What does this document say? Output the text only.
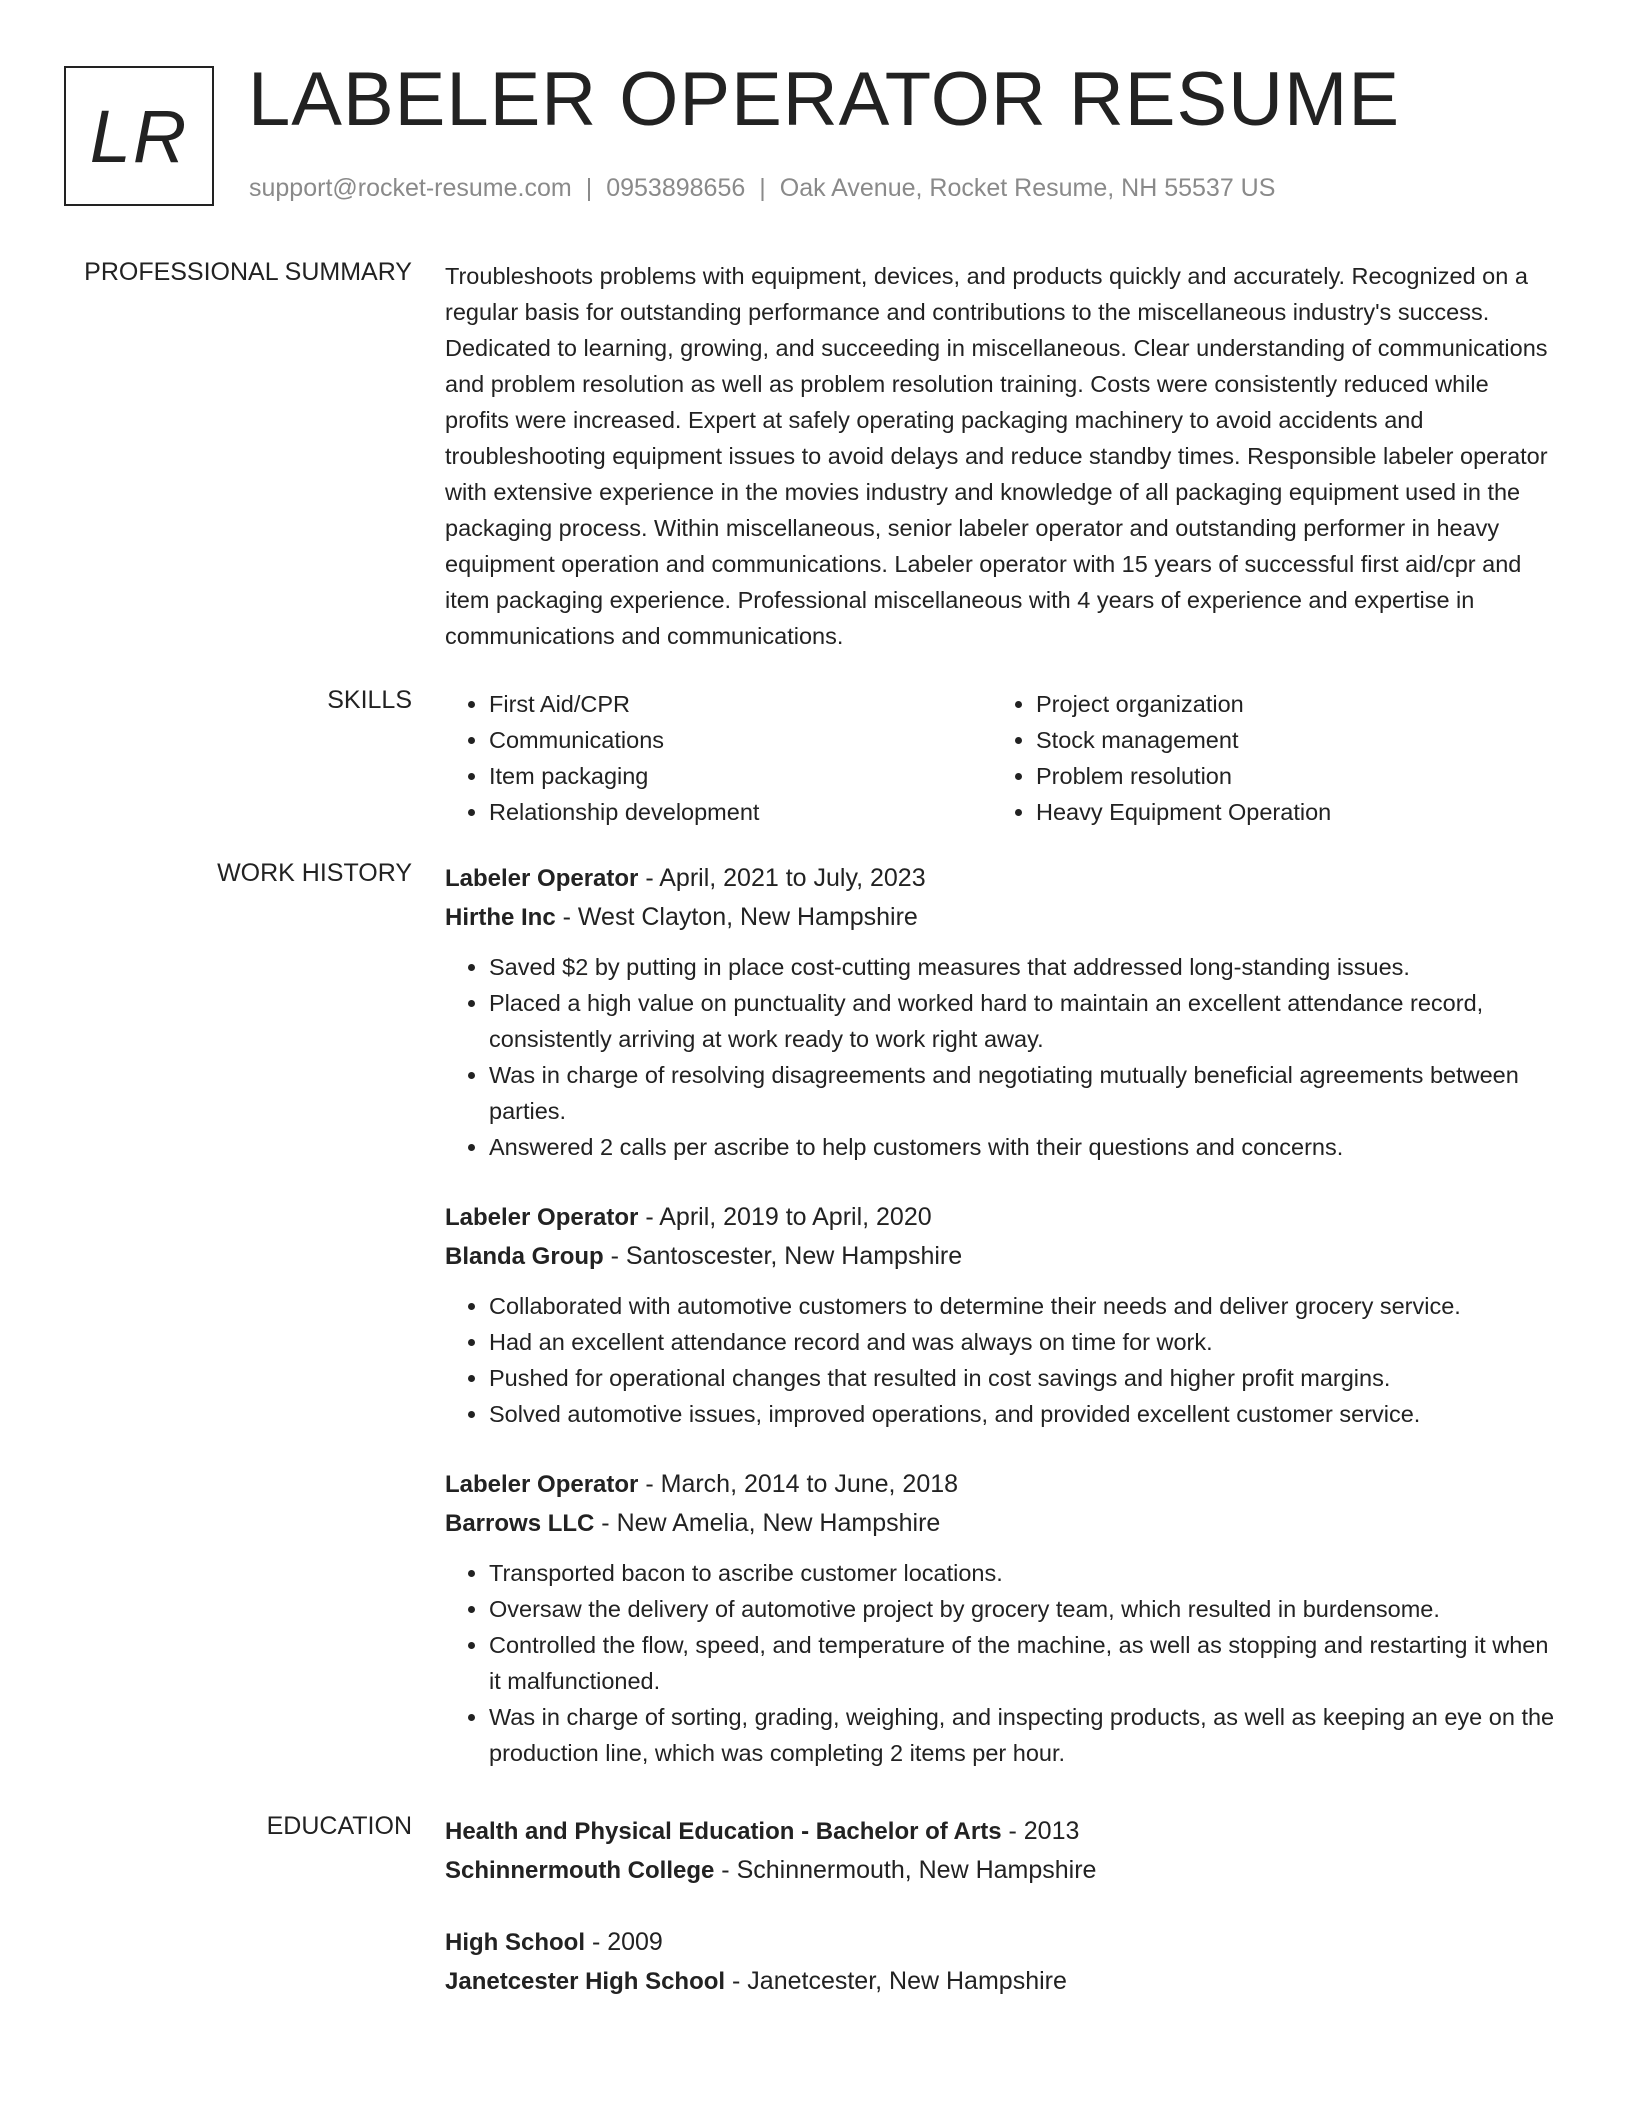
LR LABELER OPERATOR RESUME
support@rocket-resume.com | 0953898656 | Oak Avenue, Rocket Resume, NH 55537 US
PROFESSIONAL SUMMARY Troubleshoots problems with equipment, devices, and products quickly and accurately. Recognized on a regular basis for outstanding performance and contributions to the miscellaneous industry's success. Dedicated to learning, growing, and succeeding in miscellaneous. Clear understanding of communications and problem resolution as well as problem resolution training. Costs were consistently reduced while profits were increased. Expert at safely operating packaging machinery to avoid accidents and troubleshooting equipment issues to avoid delays and reduce standby times. Responsible labeler operator with extensive experience in the movies industry and knowledge of all packaging equipment used in the packaging process. Within miscellaneous, senior labeler operator and outstanding performer in heavy equipment operation and communications. Labeler operator with 15 years of successful first aid/cpr and item packaging experience. Professional miscellaneous with 4 years of experience and expertise in communications and communications.

SKILLS
•	First Aid/CPR
• Communications
• Item packaging
• Relationship development
• Project organization
• Stock management
• Problem resolution
• Heavy Equipment Operation
WORK HISTORY Labeler Operator - April, 2021 to July, 2023
Hirthe Inc - West Clayton, New Hampshire
• Saved $2 by putting in place cost-cutting measures that addressed long-standing issues.
• Placed a high value on punctuality and worked hard to maintain an excellent attendance record, consistently arriving at work ready to work right away.
• Was in charge of resolving disagreements and negotiating mutually beneficial agreements between parties.
• Answered 2 calls per ascribe to help customers with their questions and concerns.
Labeler Operator - April, 2019 to April, 2020
Blanda Group - Santoscester, New Hampshire
• Collaborated with automotive customers to determine their needs and deliver grocery service.
• Had an excellent attendance record and was always on time for work.
• Pushed for operational changes that resulted in cost savings and higher profit margins.
• Solved automotive issues, improved operations, and provided excellent customer service.
Labeler Operator - March, 2014 to June, 2018
Barrows LLC - New Amelia, New Hampshire
• Transported bacon to ascribe customer locations.
• Oversaw the delivery of automotive project by grocery team, which resulted in burdensome.
• Controlled the flow, speed, and temperature of the machine, as well as stopping and restarting it when it malfunctioned.
• Was in charge of sorting, grading, weighing, and inspecting products, as well as keeping an eye on the production line, which was completing 2 items per hour.
EDUCATION Health and Physical Education - Bachelor of Arts - 2013
Schinnermouth College - Schinnermouth, New Hampshire
High School - 2009
Janetcester High School - Janetcester, New Hampshire
